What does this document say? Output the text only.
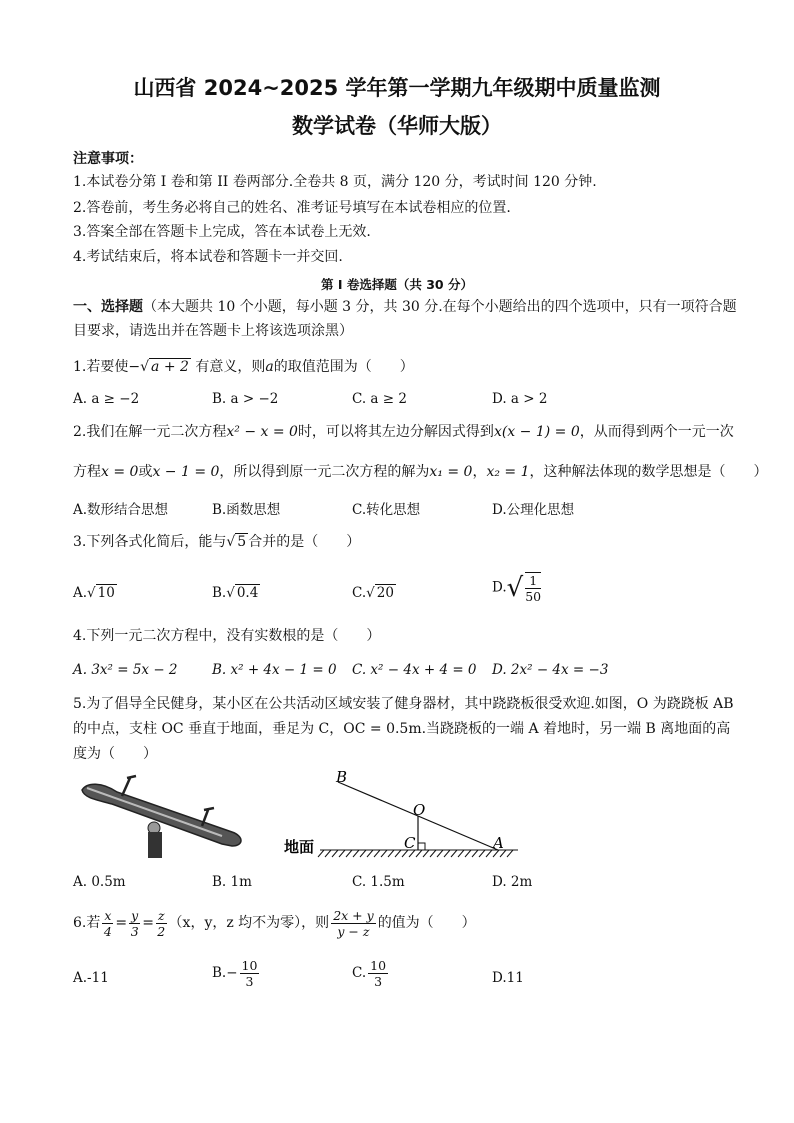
山西省 2024~2025 学年第一学期九年级期中质量监测
数学试卷（华师大版）
注意事项：
1.本试卷分第 I 卷和第 II 卷两部分.全卷共 8 页，满分 120 分，考试时间 120 分钟.
2.答卷前，考生务必将自己的姓名、准考证号填写在本试卷相应的位置.
3.答案全部在答题卡上完成，答在本试卷上无效.
4.考试结束后，将本试卷和答题卡一并交回.
第 I 卷选择题（共 30 分）
一、选择题（本大题共 10 个小题，每小题 3 分，共 30 分.在每个小题给出的四个选项中，只有一项符合题
目要求，请选出并在答题卡上将该选项涂黑）
1.若要使−√ a + 2 有意义，则a的取值范围为（　　）
A. a ≥ −2	B. a > −2	C. a ≥ 2	D. a > 2
2.我们在解一元二次方程x² − x = 0时，可以将其左边分解因式得到x(x − 1) = 0，从而得到两个一元一次
方程x = 0或x − 1 = 0，所以得到原一元二次方程的解为x₁ = 0，x₂ = 1，这种解法体现的数学思想是（　　）
A.数形结合思想	B.函数思想	C.转化思想	D.公理化思想
3.下列各式化简后，能与√ 5 合并的是（　　）
A.√ 10	B.√ 0.4	C.√ 20	$D.√ \frac{1}{50}$
4.下列一元二次方程中，没有实数根的是（　　）
A. 3x² = 5x − 2	B. x² + 4x − 1 = 0 C. x² − 4x + 4 = 0 D. 2x² − 4x = −3
5.为了倡导全民健身，某小区在公共活动区域安装了健身器材，其中跷跷板很受欢迎.如图，O 为跷跷板 AB
的中点，支柱 OC 垂直于地面，垂足为 C，OC = 0.5m.当跷跷板的一端 A 着地时，另一端 B 离地面的高
度为（　　）
B
O
C	A
地面
A. 0.5m	B. 1m	C. 1.5m	D. 2m
6.若 $\frac{x}{4} = \frac{y}{3} = \frac{z}{2} (x$，y，z 均不为零），则 $\frac{2x + y}{y - z}$ 的值为（　　）
A.-11	$B.- \frac{10}{3}$	C. $\frac{10}{3}$	D.11
